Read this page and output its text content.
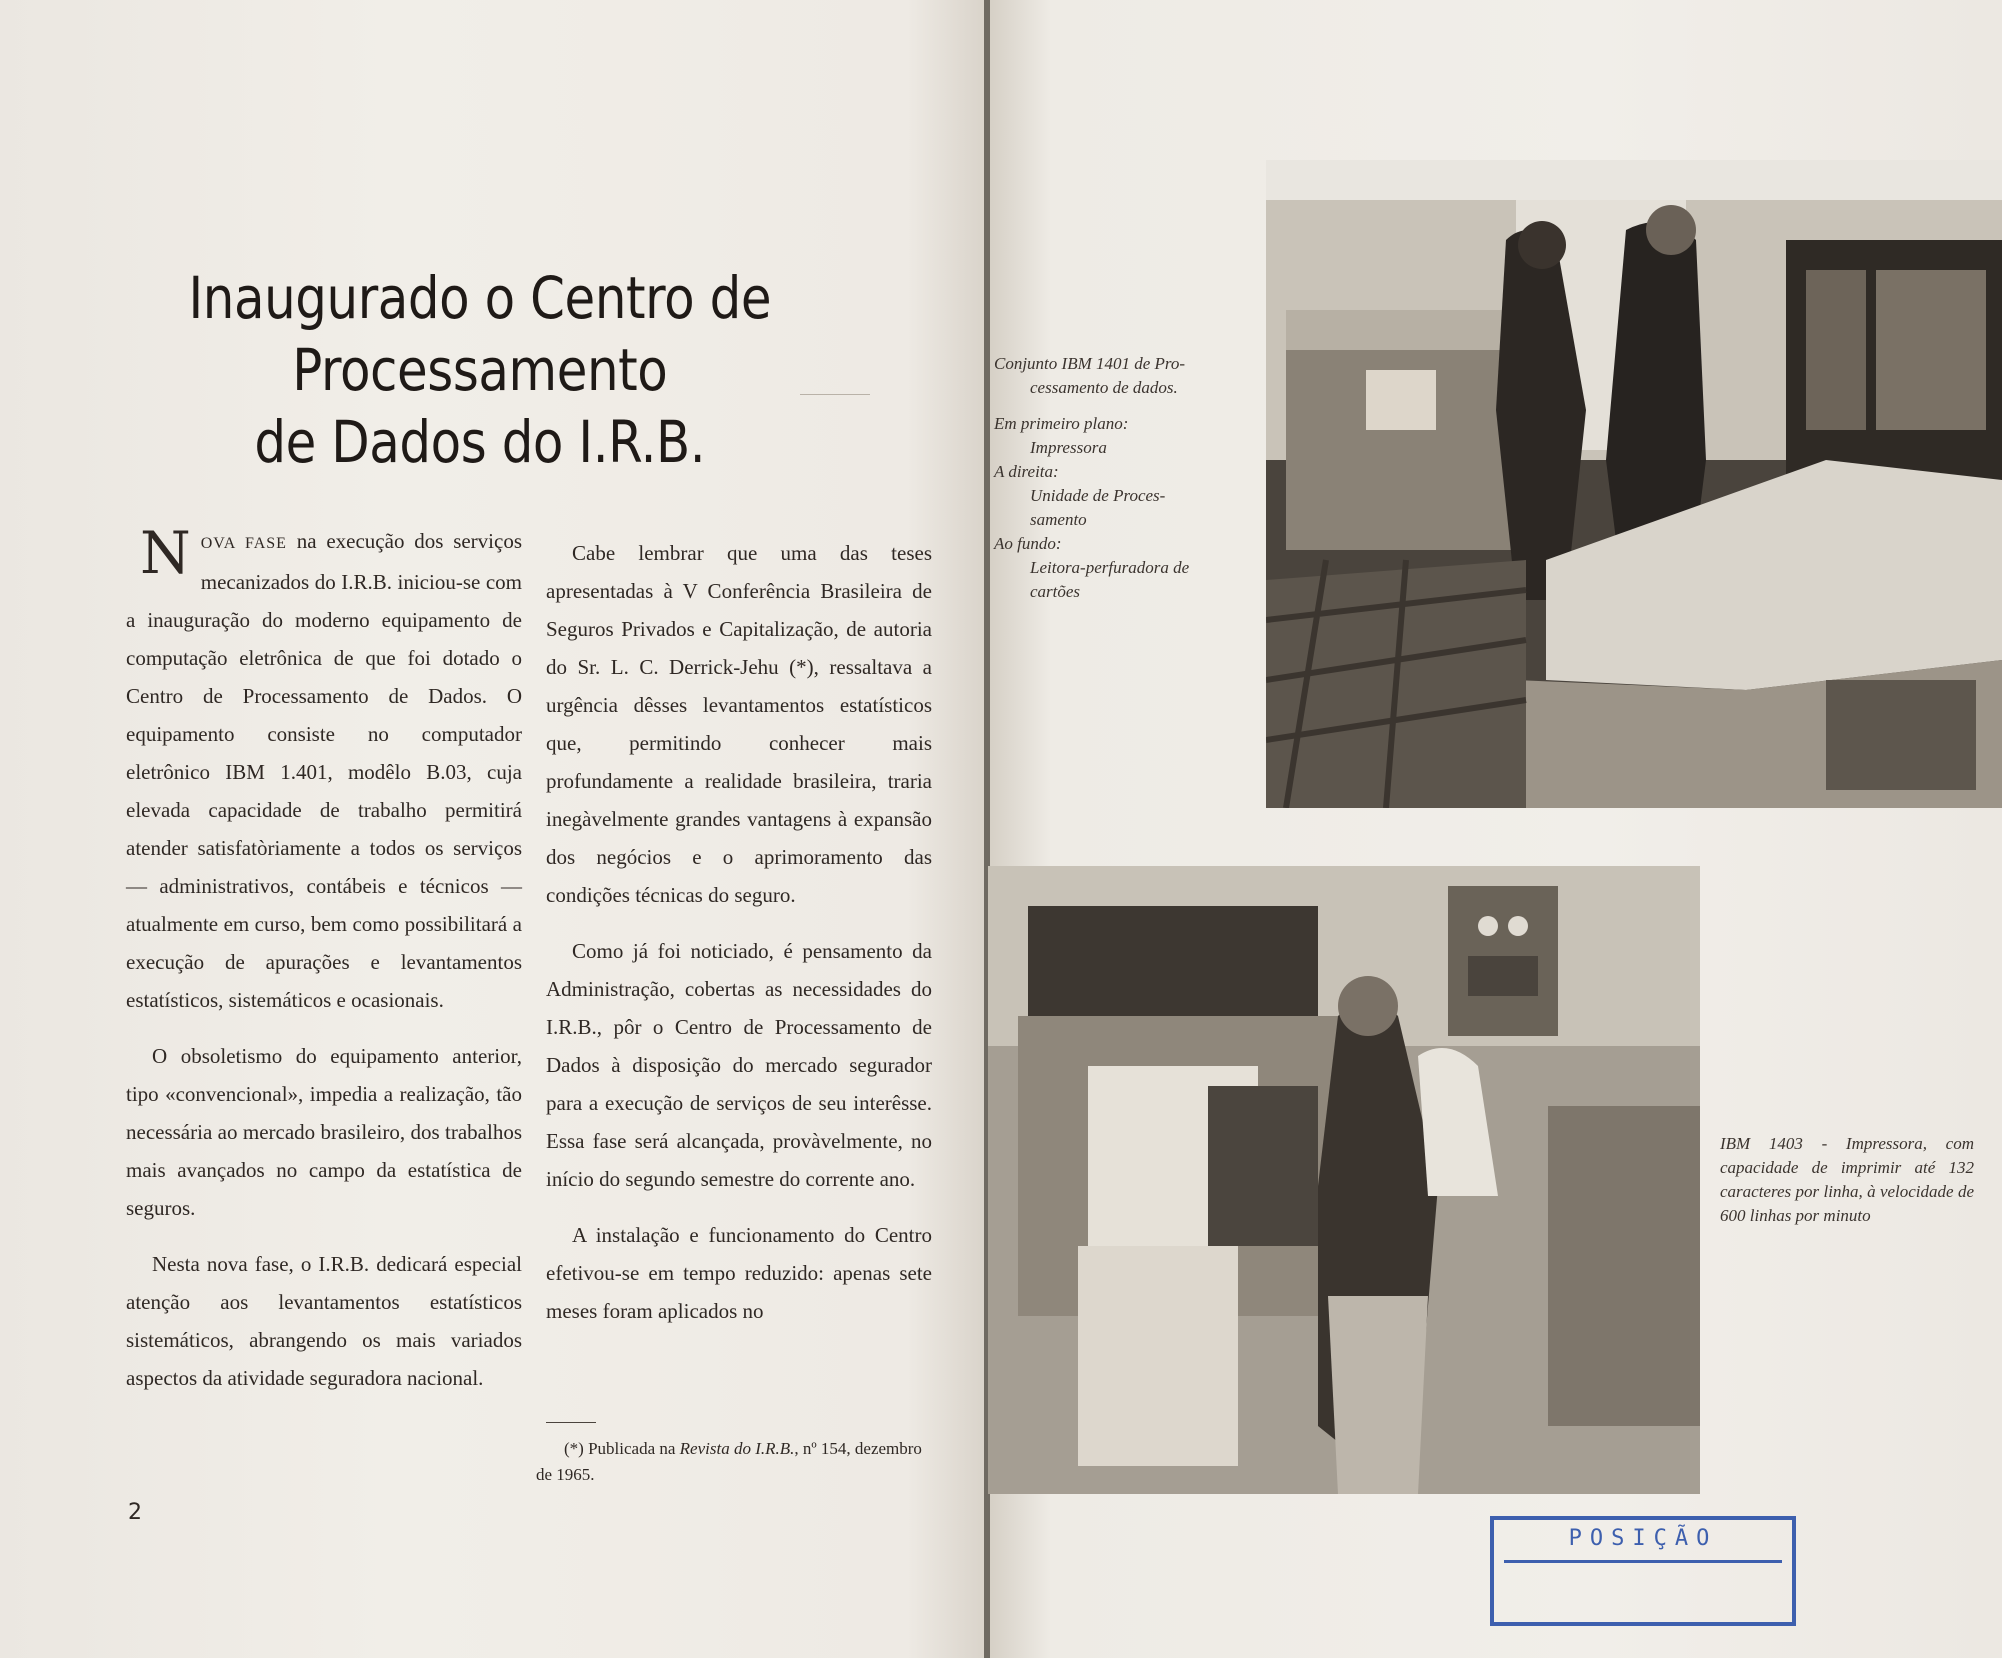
Inaugurado o Centro de Processamento
de Dados do I.R.B.

NOVA FASE na execução dos serviços mecanizados do I.R.B. iniciou-se com a inauguração do moderno equipamento de computação eletrônica de que foi dotado o Centro de Processamento de Dados. O equipamento consiste no computador eletrônico IBM 1.401, modêlo B.03, cuja elevada capacidade de trabalho permitirá atender satisfatòriamente a todos os serviços — administrativos, contábeis e técnicos — atualmente em curso, bem como possibilitará a execução de apurações e levantamentos estatísticos, sistemáticos e ocasionais.

O obsoletismo do equipamento anterior, tipo «convencional», impedia a realização, tão necessária ao mercado brasileiro, dos trabalhos mais avançados no campo da estatística de seguros.

Nesta nova fase, o I.R.B. dedicará especial atenção aos levantamentos estatísticos sistemáticos, abrangendo os mais variados aspectos da atividade seguradora nacional.

Cabe lembrar que uma das teses apresentadas à V Conferência Brasileira de Seguros Privados e Capitalização, de autoria do Sr. L. C. Derrick-Jehu (*), ressaltava a urgência dêsses levantamentos estatísticos que, permitindo conhecer mais profundamente a realidade brasileira, traria inegàvelmente grandes vantagens à expansão dos negócios e o aprimoramento das condições técnicas do seguro.

Como já foi noticiado, é pensamento da Administração, cobertas as necessidades do I.R.B., pôr o Centro de Processamento de Dados à disposição do mercado segurador para a execução de serviços de seu interêsse. Essa fase será alcançada, provàvelmente, no início do segundo semestre do corrente ano.

A instalação e funcionamento do Centro efetivou-se em tempo reduzido: apenas sete meses foram aplicados no

(*) Publicada na Revista do I.R.B., nº 154, dezembro de 1965.
2
Conjunto IBM 1401 de Pro-
cessamento de dados.
Em primeiro plano:
Impressora
A direita:
Unidade de Proces-
samento
Ao fundo:
Leitora-perfuradora de
cartões
IBM 1403 - Impressora, com capacidade de imprimir até 132 caracteres por linha, à velocidade de 600 linhas por minuto
POSIÇÃO
